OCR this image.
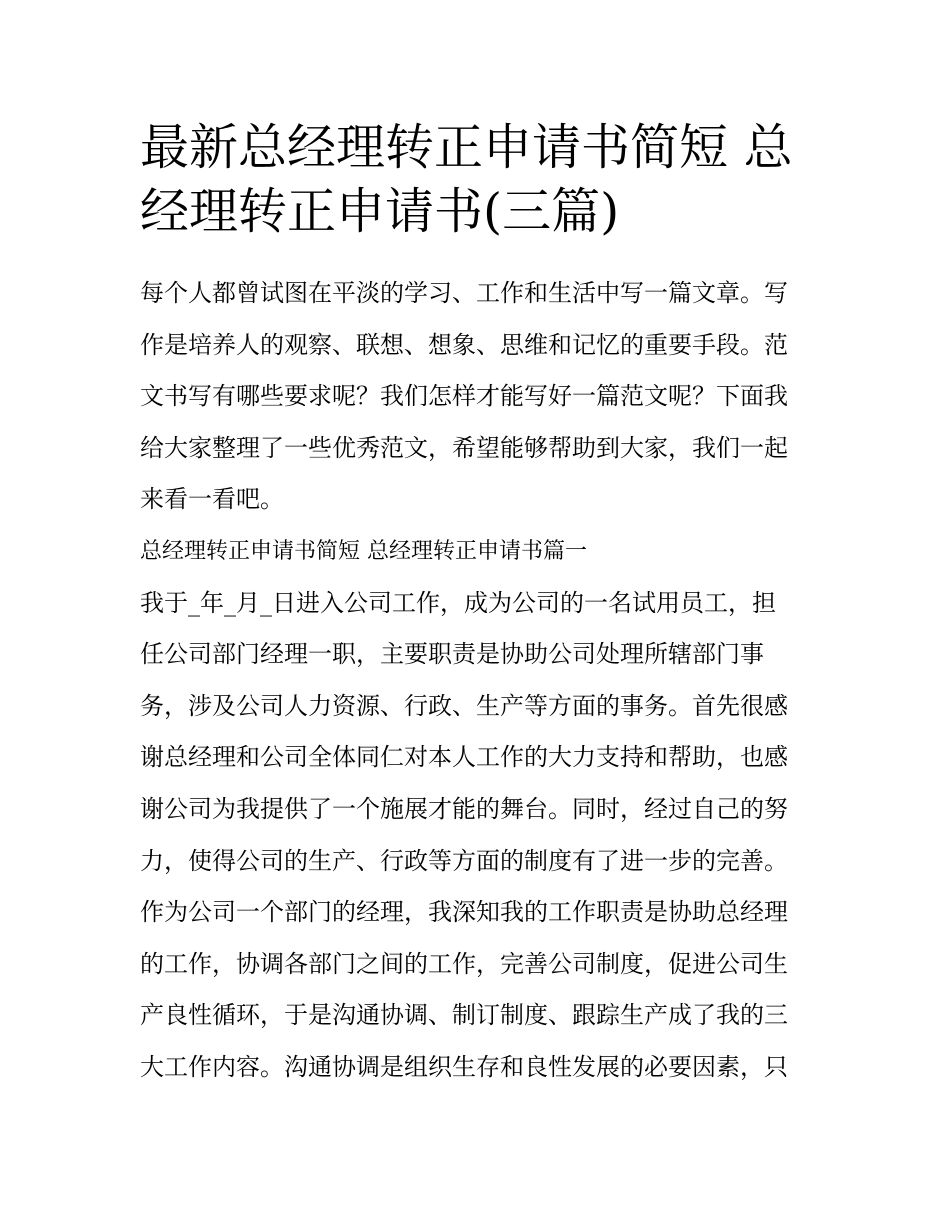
最新总经理转正申请书简短 总
经理转正申请书(三篇)
每个人都曾试图在平淡的学习、工作和生活中写一篇文章。写
作是培养人的观察、联想、想象、思维和记忆的重要手段。范
文书写有哪些要求呢？我们怎样才能写好一篇范文呢？下面我
给大家整理了一些优秀范文，希望能够帮助到大家，我们一起
来看一看吧。
总经理转正申请书简短 总经理转正申请书篇一
我于_年_月_日进入公司工作，成为公司的一名试用员工，担
任公司部门经理一职，主要职责是协助公司处理所辖部门事
务，涉及公司人力资源、行政、生产等方面的事务。首先很感
谢总经理和公司全体同仁对本人工作的大力支持和帮助，也感
谢公司为我提供了一个施展才能的舞台。同时，经过自己的努
力，使得公司的生产、行政等方面的制度有了进一步的完善。
作为公司一个部门的经理，我深知我的工作职责是协助总经理
的工作，协调各部门之间的工作，完善公司制度，促进公司生
产良性循环，于是沟通协调、制订制度、跟踪生产成了我的三
大工作内容。沟通协调是组织生存和良性发展的必要因素，只
